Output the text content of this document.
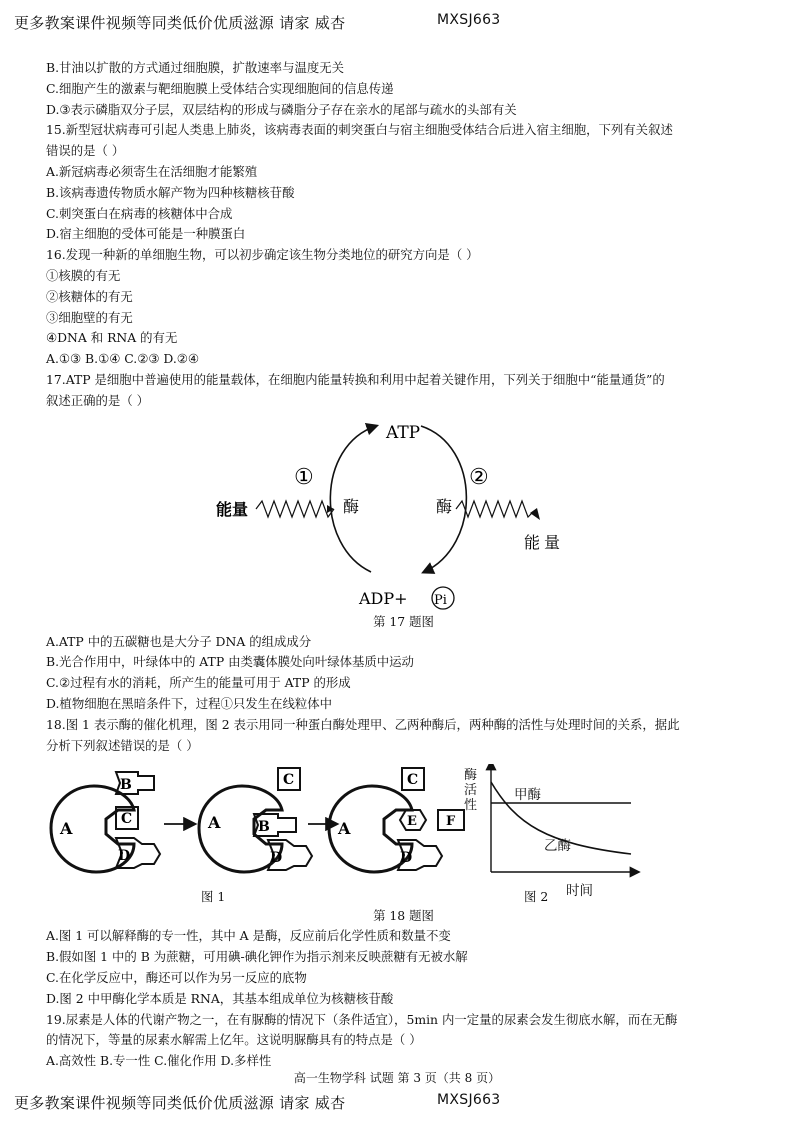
更多教案课件视频等同类低价优质滋源 请家 威杏	MXSJ663
B.甘油以扩散的方式通过细胞膜，扩散速率与温度无关
C.细胞产生的激素与靶细胞膜上受体结合实现细胞间的信息传递
D.③表示磷脂双分子层，双层结构的形成与磷脂分子存在亲水的尾部与疏水的头部有关
15.新型冠状病毒可引起人类患上肺炎，该病毒表面的刺突蛋白与宿主细胞受体结合后进入宿主细胞，下列有关叙述
错误的是（ ）
A.新冠病毒必须寄生在活细胞才能繁殖
B.该病毒遗传物质水解产物为四种核糖核苷酸
C.刺突蛋白在病毒的核糖体中合成
D.宿主细胞的受体可能是一种膜蛋白
16.发现一种新的单细胞生物，可以初步确定该生物分类地位的研究方向是（ ）
①核膜的有无
②核糖体的有无
③细胞壁的有无
④DNA 和 RNA 的有无
A.①③ B.①④ C.②③ D.②④
17.ATP 是细胞中普遍使用的能量载体，在细胞内能量转换和利用中起着关键作用，下列关于细胞中“能量通货”的
叙述正确的是（ ）
ATP
ADP+ Pi
①	②
酶	酶
能量
能量
第 17 题图
A.ATP 中的五碳糖也是大分子 DNA 的组成成分
B.光合作用中，叶绿体中的 ATP 由类囊体膜处向叶绿体基质中运动
C.②过程有水的消耗，所产生的能量可用于 ATP 的形成
D.植物细胞在黑暗条件下，过程①只发生在线粒体中
18.图 1 表示酶的催化机理，图 2 表示用同一种蛋白酶处理甲、乙两种酶后，两种酶的活性与处理时间的关系，据此
分析下列叙述错误的是（ ）
A
B
C
D
A	B
C
D
A
C
E F
D
酶活性
时间
甲酶
乙酶
图 1	图 2
第 18 题图
A.图 1 可以解释酶的专一性，其中 A 是酶，反应前后化学性质和数量不变
B.假如图 1 中的 B 为蔗糖，可用碘-碘化钾作为指示剂来反映蔗糖有无被水解
C.在化学反应中，酶还可以作为另一反应的底物
D.图 2 中甲酶化学本质是 RNA，其基本组成单位为核糖核苷酸
19.尿素是人体的代谢产物之一，在有脲酶的情况下（条件适宜），5min 内一定量的尿素会发生彻底水解，而在无酶
的情况下，等量的尿素水解需上亿年。这说明脲酶具有的特点是（ ）
A.高效性 B.专一性 C.催化作用 D.多样性
高一生物学科 试题 第 3 页（共 8 页）
更多教案课件视频等同类低价优质滋源 请家 威杏	MXSJ663
